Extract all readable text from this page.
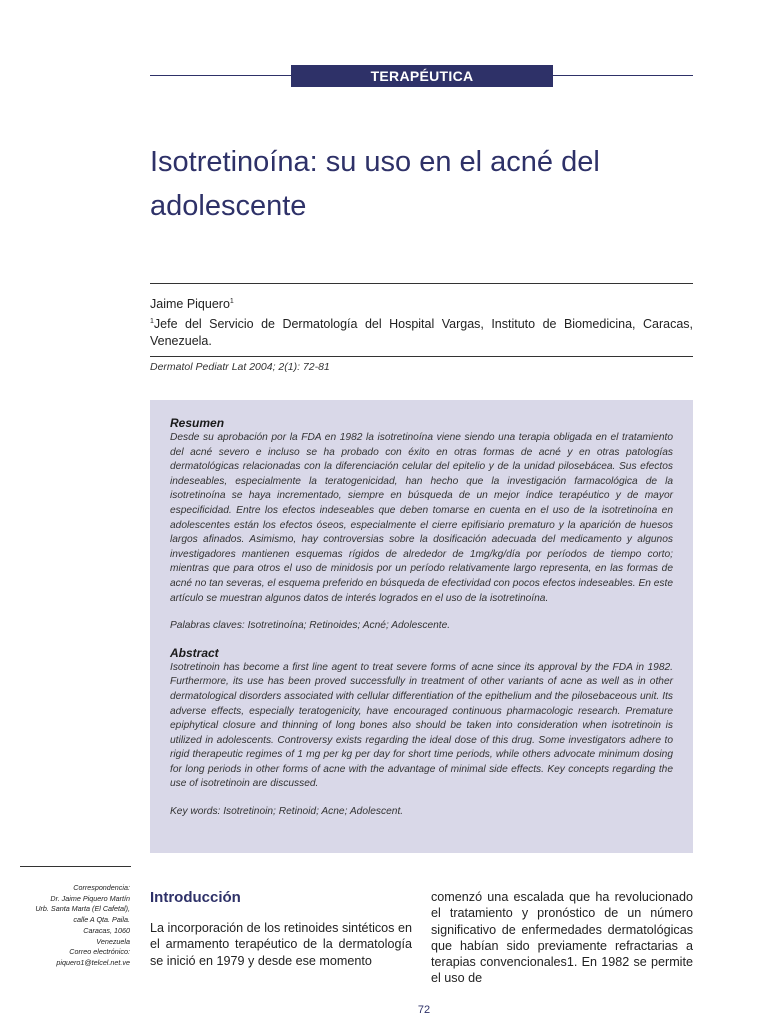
TERAPÉUTICA
Isotretinoína: su uso en el acné del adolescente
Jaime Piquero$^1$
$^1$Jefe del Servicio de Dermatología del Hospital Vargas, Instituto de Biomedicina, Caracas, Venezuela.
Dermatol Pediatr Lat 2004; 2(1): 72-81

Resumen

Desde su aprobación por la FDA en 1982 la isotretinoína viene siendo una terapia obligada en el tratamiento del acné severo e incluso se ha probado con éxito en otras formas de acné y en otras patologías dermatológicas relacionadas con la diferenciación celular del epitelio y de la unidad pilosebácea. Sus efectos indeseables, especialmente la teratogenicidad, han hecho que la investigación farmacológica de la isotretinoína se haya incrementado, siempre en búsqueda de un mejor índice terapéutico y de mayor especificidad. Entre los efectos indeseables que deben tomarse en cuenta en el uso de la isotretinoína en adolescentes están los efectos óseos, especialmente el cierre epifisiario prematuro y la aparición de huesos largos afinados. Asimismo, hay controversias sobre la dosificación adecuada del medicamento y algunos investigadores mantienen esquemas rígidos de alrededor de 1mg/kg/día por períodos de tiempo corto; mientras que para otros el uso de minidosis por un período relativamente largo representa, en las formas de acné no tan severas, el esquema preferido en búsqueda de efectividad con pocos efectos indeseables. En este artículo se muestran algunos datos de interés logrados en el uso de la isotretinoína.

Palabras claves: Isotretinoína; Retinoides; Acné; Adolescente.

Abstract

Isotretinoin has become a first line agent to treat severe forms of acne since its approval by the FDA in 1982. Furthermore, its use has been proved successfully in treatment of other variants of acne as well as in other dermatological disorders associated with cellular differentiation of the epithelium and the pilosebaceous unit. Its adverse effects, especially teratogenicity, have encouraged continuous pharmacologic research. Premature epiphytical closure and thinning of long bones also should be taken into consideration when isotretinoin is utilized in adolescents. Controversy exists regarding the ideal dose of this drug. Some investigators adhere to rigid therapeutic regimes of 1 mg per kg per day for short time periods, while others advocate minimum dosing for long periods in other forms of acne with the advantage of minimal side effects. Key concepts regarding the use of isotretinoin are discussed.

Key words: Isotretinoin; Retinoid; Acne; Adolescent.

Correspondencia:
Dr. Jaime Piquero Martín
Urb. Santa Marta (El Cafetal),
calle A Qta. Paila.
Caracas, 1060
Venezuela
Correo electrónico:
piquero1@telcel.net.ve
Introducción
La incorporación de los retinoides sintéticos en el armamento terapéutico de la dermatología se inició en 1979 y desde ese momento
comenzó una escalada que ha revolucionado el tratamiento y pronóstico de un número significativo de enfermedades dermatológicas que habían sido previamente refractarias a terapias convencionales1. En 1982 se permite el uso de
72
